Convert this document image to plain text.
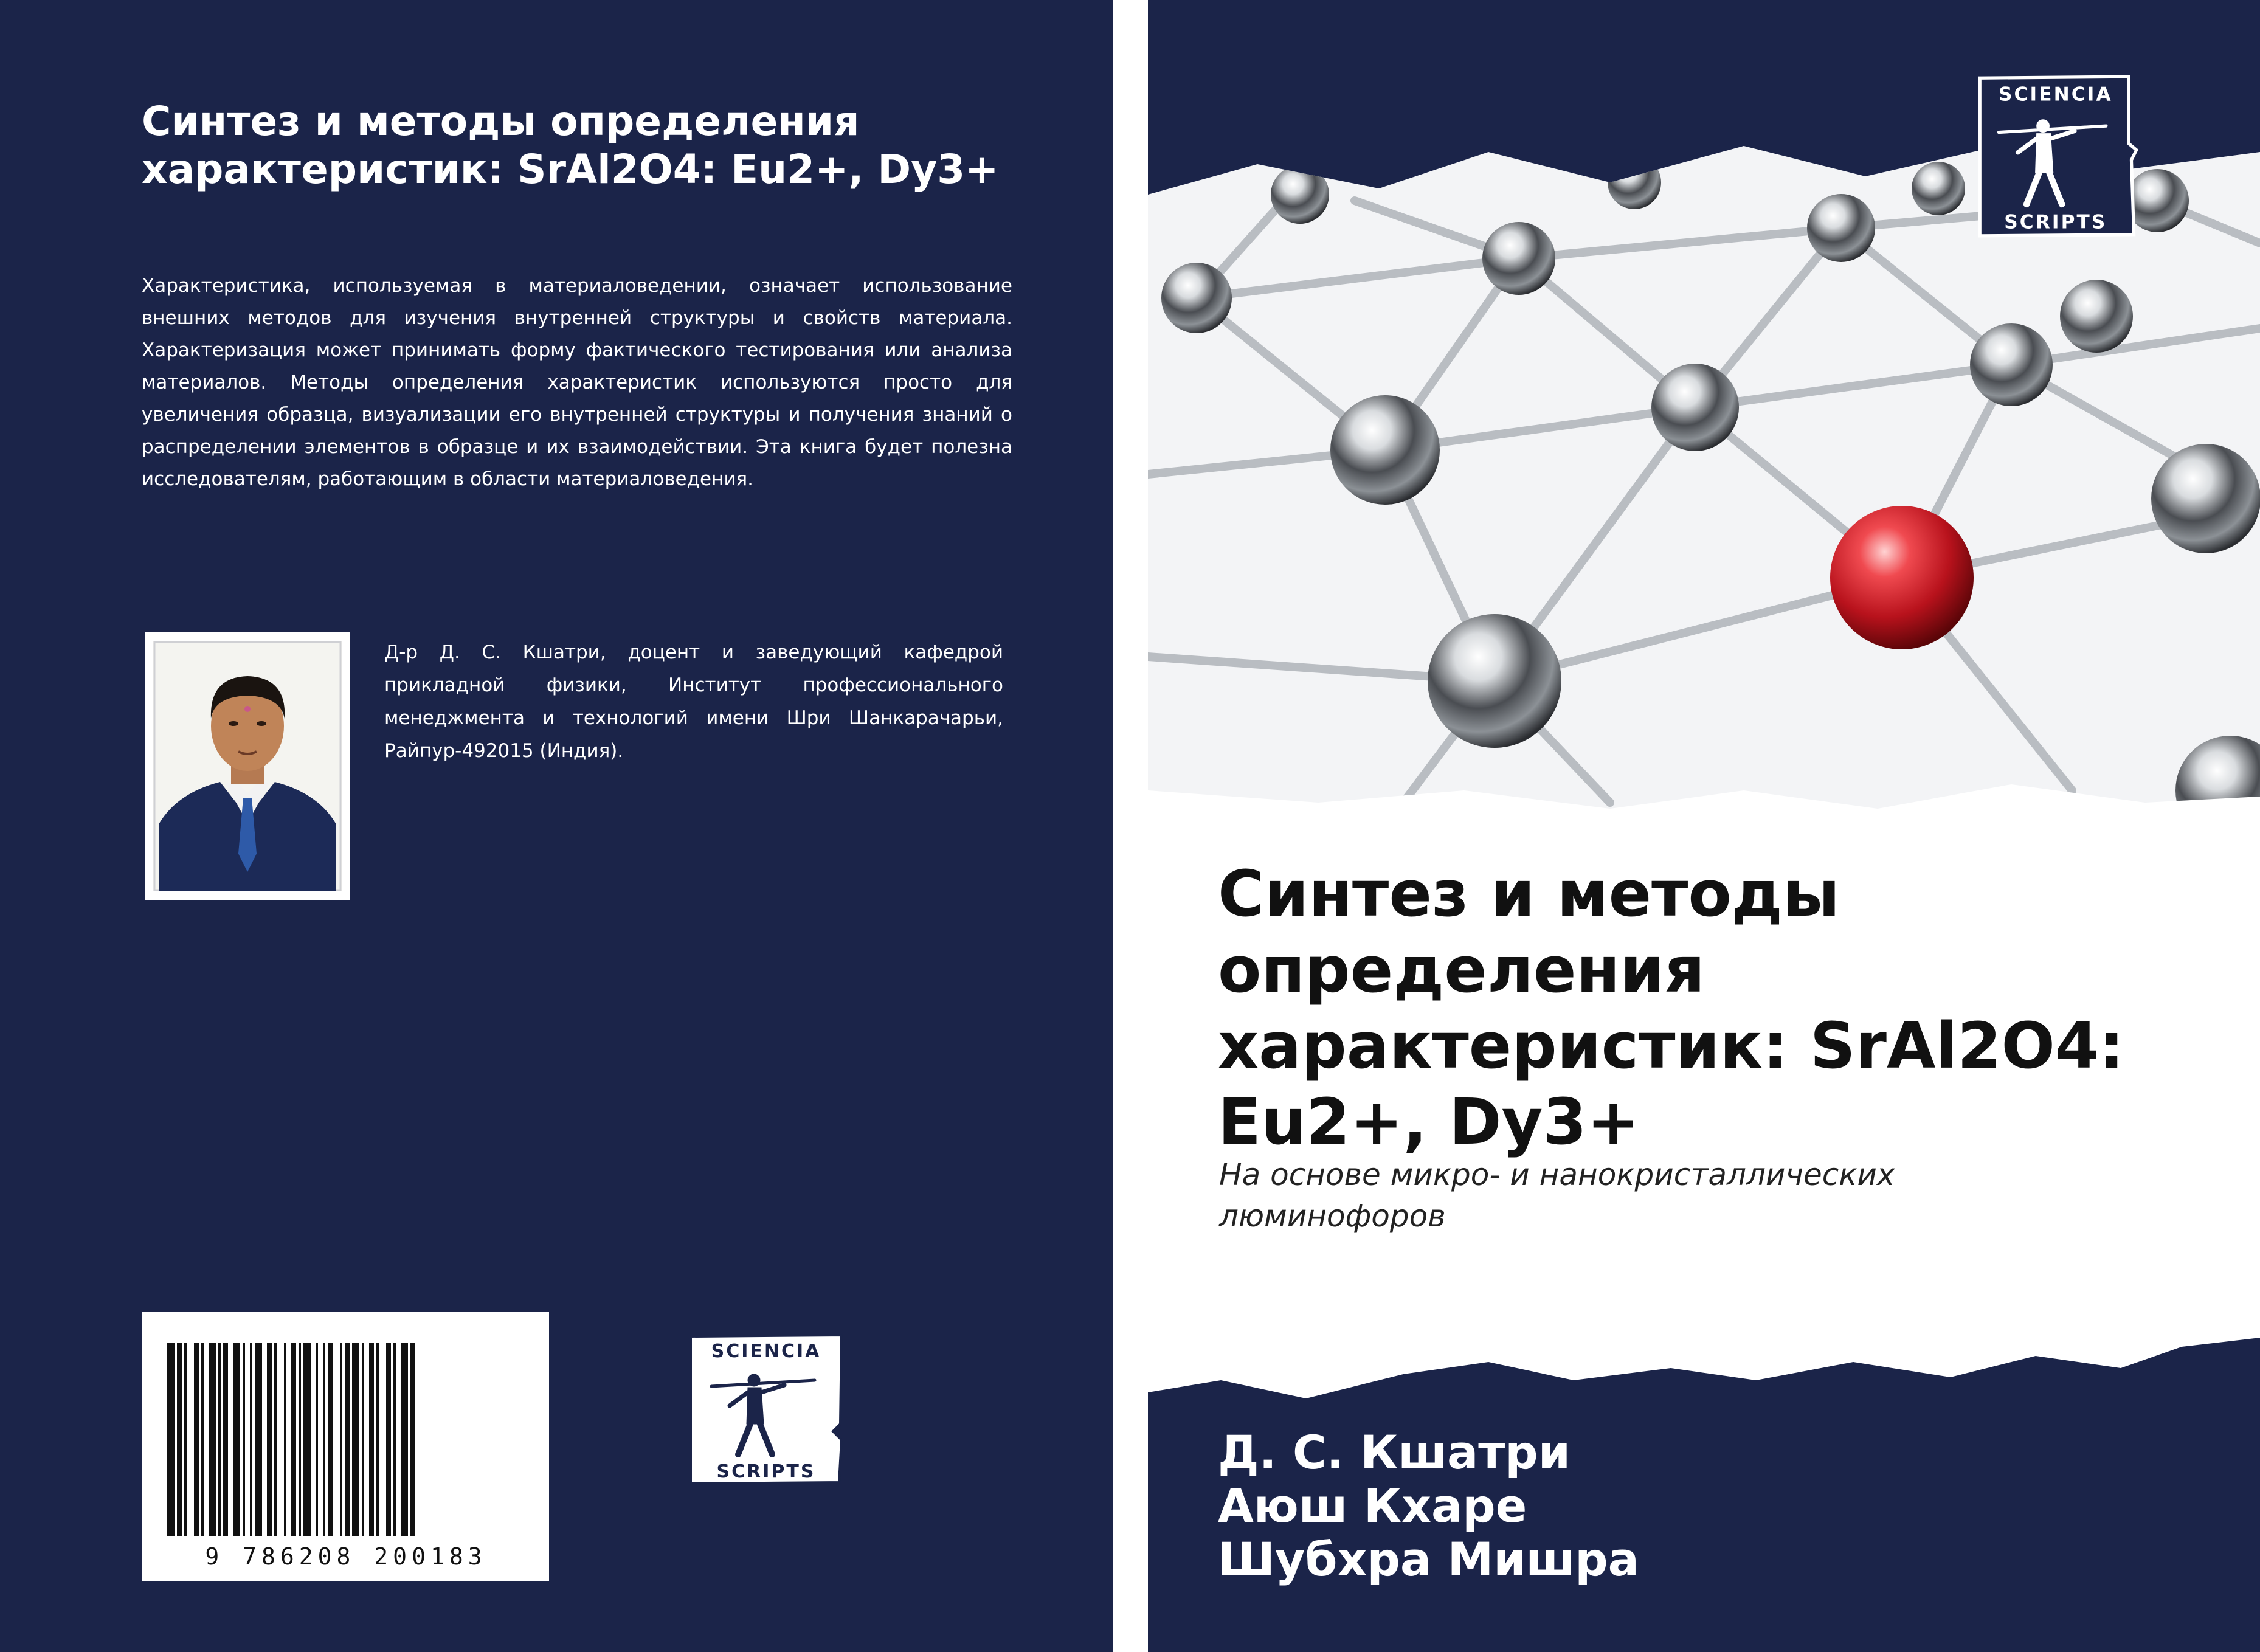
Синтез и методы определения характеристик: SrAl2O4: Eu2+, Dy3+

Характеристика, используемая в материаловедении, означает использование внешних методов для изучения внутренней структуры и свойств материала. Характеризация может принимать форму фактического тестирования или анализа материалов. Методы определения характеристик используются просто для увеличения образца, визуализации его внутренней структуры и получения знаний о распределении элементов в образце и их взаимодействии. Эта книга будет полезна исследователям, работающим в области материаловедения.

Д-р Д. С. Кшатри, доцент и заведующий кафедрой прикладной физики, Институт профессионального менеджмента и технологий имени Шри Шанкарачарьи, Райпур-492015 (Индия).

9 786208 200183
SCIENCIA
SCRIPTS
SCIENCIA
SCRIPTS
Синтез и методы определения характеристик: SrAl2O4: Eu2+, Dy3+

На основе микро- и нанокристаллических люминофоров

Д. С. Кшатри
Аюш Кхаре
Шубхра Мишра
